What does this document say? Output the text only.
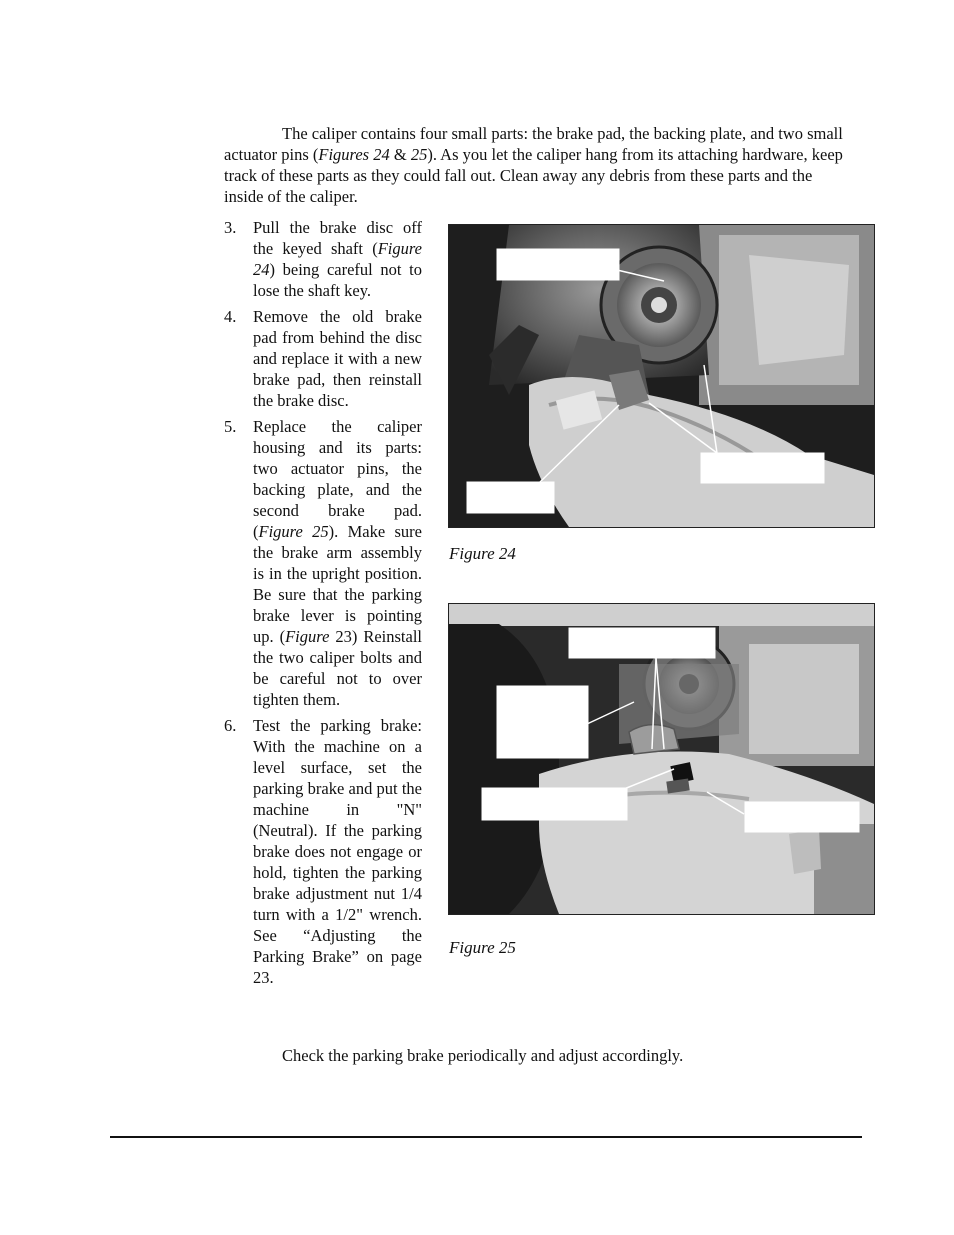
The caliper contains four small parts: the brake pad, the backing plate, and two small actuator pins (Figures 24 & 25). As you let the caliper hang from its attaching hardware, keep track of these parts as they could fall out. Clean away any debris from these parts and the inside of the caliper.

3. Pull the brake disc off the keyed shaft (Figure 24) being careful not to lose the shaft key.
4. Remove the old brake pad from behind the disc and replace it with a new brake pad, then reinstall the brake disc.
5. Replace the caliper housing and its parts: two actuator pins, the backing plate, and the second brake pad. (Figure 25). Make sure the brake arm assembly is in the upright position. Be sure that the parking brake lever is pointing up. (Figure 23) Reinstall the two caliper bolts and be careful not to over tighten them.
6. Test the parking brake: With the machine on a level surface, set the parking brake and put the machine in "N" (Neutral). If the parking brake does not engage or hold, tighten the parking brake adjustment nut 1/4 turn with a 1/2" wrench. See “Adjusting the Parking Brake” on page 23.
Figure 24
Figure 25
Check the parking brake periodically and adjust accordingly.
